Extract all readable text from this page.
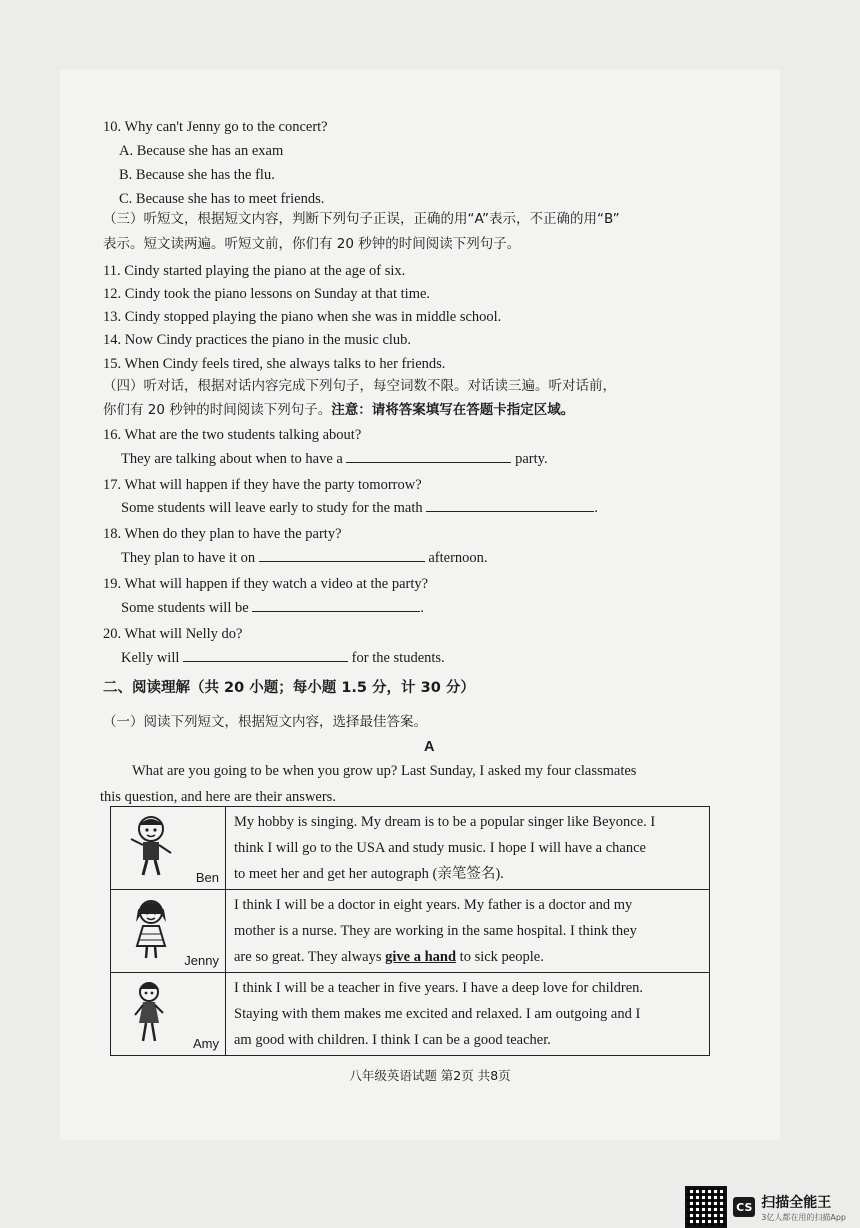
10. Why can't Jenny go to the concert?
A. Because she has an exam
B. Because she has the flu.
C. Because she has to meet friends.
（三）听短文，根据短文内容，判断下列句子正误，正确的用“A”表示，不正确的用“B”
表示。短文读两遍。听短文前，你们有 20 秒钟的时间阅读下列句子。
11. Cindy started playing the piano at the age of six.
12. Cindy took the piano lessons on Sunday at that time.
13. Cindy stopped playing the piano when she was in middle school.
14. Now Cindy practices the piano in the music club.
15. When Cindy feels tired, she always talks to her friends.
（四）听对话，根据对话内容完成下列句子，每空词数不限。对话读三遍。听对话前，
你们有 20 秒钟的时间阅读下列句子。注意：请将答案填写在答题卡指定区域。
16. What are the two students talking about?
They are talking about when to have a	party.
17. What will happen if they have the party tomorrow?
Some students will leave early to study for the math	.
18. When do they plan to have the party?
They plan to have it on	afternoon.
19. What will happen if they watch a video at the party?
Some students will be	.
20. What will Nelly do?
Kelly will	for the students.
二、阅读理解（共 20 小题；每小题 1.5 分，计 30 分）
（一）阅读下列短文，根据短文内容，选择最佳答案。
A
What are you going to be when you grow up? Last Sunday, I asked my four classmates
this question, and here are their answers.
Ben	My hobby is singing. My dream is to be a popular singer like Beyonce. I
think I will go to the USA and study music. I hope I will have a chance
to meet her and get her autograph (亲笔签名).

Jenny	I think I will be a doctor in eight years. My father is a doctor and my
mother is a nurse. They are working in the same hospital. I think they
are so great. They always give a hand to sick people.

Amy	I think I will be a teacher in five years. I have a deep love for children.
Staying with them makes me excited and relaxed. I am outgoing and I
am good with children. I think I can be a good teacher.
八年级英语试题 第2页 共8页
CS 扫描全能王
3亿人都在用的扫描App
